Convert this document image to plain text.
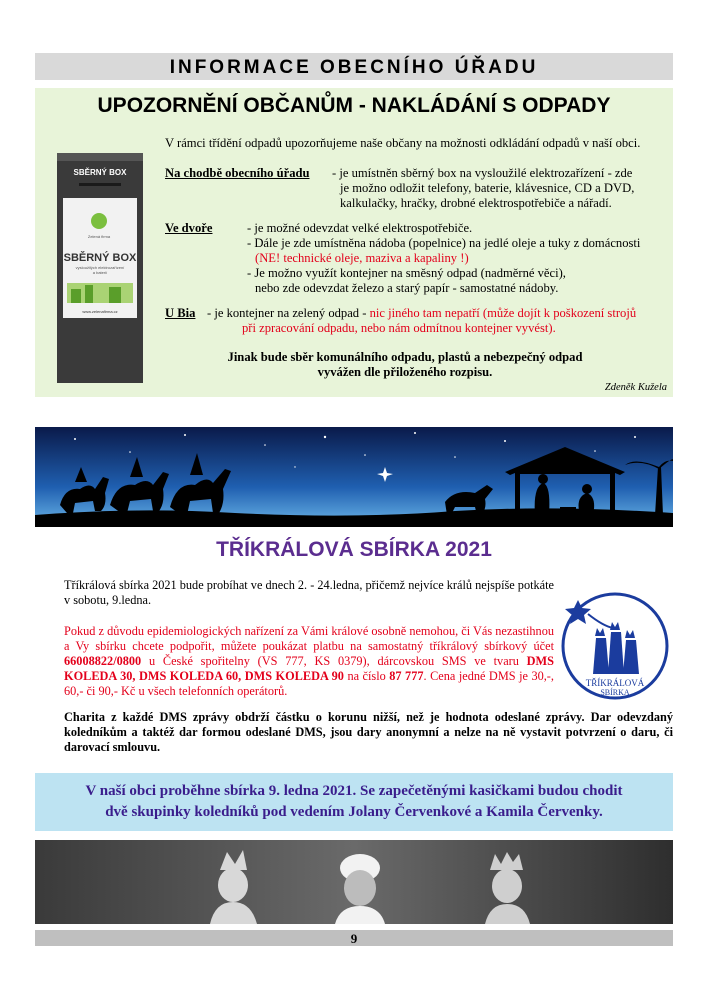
INFORMACE OBECNÍHO ÚŘADU
UPOZORNĚNÍ OBČANŮM - NAKLÁDÁNÍ S ODPADY
SBĚRNÝ BOX
Zelená firma
SBĚRNÝ BOX
vysloužilých elektrozařízení
a baterií
www.zelenafirma.cz
V rámci třídění odpadů upozorňujeme naše občany na možnosti odkládání odpadů v naší obci.
Na chodbě obecního úřadu - je umístněn sběrný box na vysloužilé elektrozařízení - zde
je možno odložit telefony, baterie, klávesnice, CD a DVD,
kalkulačky, hračky, drobné elektrospotřebiče a nářadí.
Ve dvoře	- je možné odevzdat velké elektrospotřebiče.
- Dále je zde umístněna nádoba (popelnice) na jedlé oleje a tuky z domácnosti
(NE! technické oleje, maziva a kapaliny !)
- Je možno využít kontejner na směsný odpad (nadměrné věci),
nebo zde odevzdat železo a starý papír - samostatné nádoby.
U Bia - je kontejner na zelený odpad - nic jiného tam nepatří (může dojít k poškození strojů
při zpracování odpadu, nebo nám odmítnou kontejner vyvést).
Jinak bude sběr komunálního odpadu, plastů a nebezpečný odpad
vyvážen dle přiloženého rozpisu.
Zdeněk Kužela
TŘÍKRÁLOVÁ SBÍRKA 2021
Tříkrálová sbírka 2021 bude probíhat ve dnech 2. - 24.ledna, přičemž nejvíce králů nejspíše potkáte v sobotu, 9.ledna.
Pokud z důvodu epidemiologických nařízení za Vámi králové osobně nemohou, či Vás nezastihnou a Vy sbírku chcete podpořit, můžete poukázat platbu na samostatný tříkrálový sbírkový účet 66008822/0800 u České spořitelny (VS 777, KS 0379), dárcovskou SMS ve tvaru DMS KOLEDA 30, DMS KOLEDA 60, DMS KOLEDA 90 na číslo 87 777. Cena jedné DMS je 30,-, 60,- či 90,- Kč u všech telefonních operátorů.
TŘÍKRÁLOVÁ
SBÍRKA
Charita z každé DMS zprávy obdrží částku o korunu nižší, než je hodnota odeslané zprávy. Dar odevzdaný koledníkům a taktéž dar formou odeslané DMS, jsou dary anonymní a nelze na ně vystavit potvrzení o daru, či darovací smlouvu.
V naší obci proběhne sbírka 9. ledna 2021. Se zapečetěnými kasičkami budou chodit
dvě skupinky koledníků pod vedením Jolany Červenkové a Kamila Červenky.
9
